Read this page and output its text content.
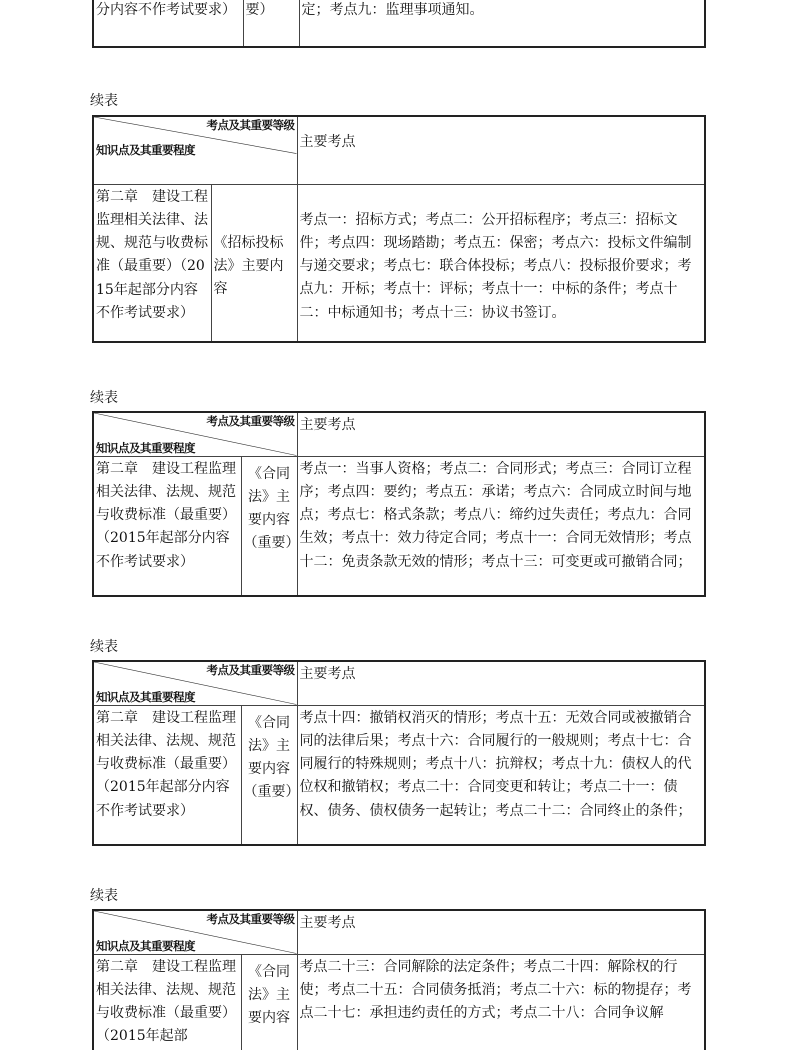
分内容不作考试要求）	要）	定；考点九：监理事项通知。
续表
考点及其重要等级
知识点及其重要程度		主要考点
第二章　建设工程监理相关法律、法规、规范与收费标准（最重要）（2015年起部分内容不作考试要求）	《招标投标法》主要内容	考点一：招标方式；考点二：公开招标程序；考点三：招标文件；考点四：现场踏勘；考点五：保密；考点六：投标文件编制与递交要求；考点七：联合体投标；考点八：投标报价要求；考点九：开标；考点十：评标；考点十一：中标的条件；考点十二：中标通知书；考点十三：协议书签订。
续表
考点及其重要等级
知识点及其重要程度		主要考点
第二章　建设工程监理相关法律、法规、规范与收费标准（最重要）（2015年起部分内容不作考试要求）	《合同法》主要内容（重要）	考点一：当事人资格；考点二：合同形式；考点三：合同订立程序；考点四：要约；考点五：承诺；考点六：合同成立时间与地点；考点七：格式条款；考点八：缔约过失责任；考点九：合同生效；考点十：效力待定合同；考点十一：合同无效情形；考点十二：免责条款无效的情形；考点十三：可变更或可撤销合同；
续表
考点及其重要等级
知识点及其重要程度		主要考点
第二章　建设工程监理相关法律、法规、规范与收费标准（最重要）（2015年起部分内容不作考试要求）	《合同法》主要内容（重要）	考点十四：撤销权消灭的情形；考点十五：无效合同或被撤销合同的法律后果；考点十六：合同履行的一般规则；考点十七：合同履行的特殊规则；考点十八：抗辩权；考点十九：债权人的代位权和撤销权；考点二十：合同变更和转让；考点二十一：债权、债务、债权债务一起转让；考点二十二：合同终止的条件；
续表
考点及其重要等级
知识点及其重要程度		主要考点
第二章　建设工程监理相关法律、法规、规范与收费标准（最重要）（2015年起部	《合同法》主要内容	考点二十三：合同解除的法定条件；考点二十四：解除权的行使；考点二十五：合同债务抵消；考点二十六：标的物提存；考点二十七：承担违约责任的方式；考点二十八：合同争议解
